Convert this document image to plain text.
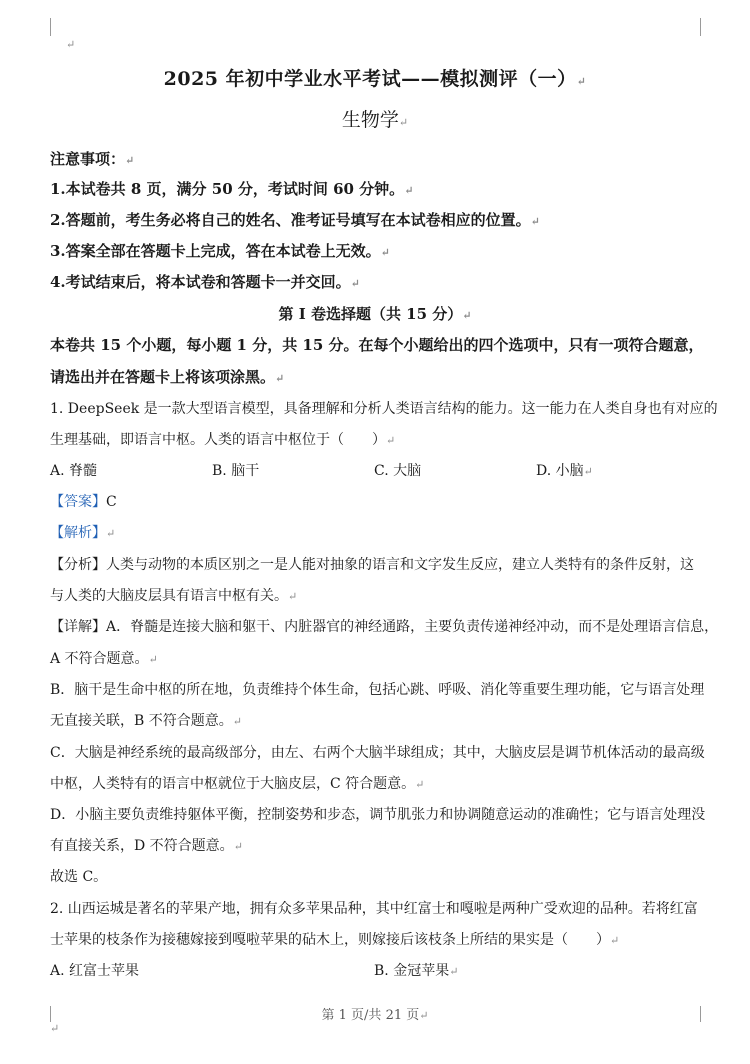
↵
2025 年初中学业水平考试——模拟测评（一）↵
生物学↵
注意事项：↵
1.本试卷共 8 页，满分 50 分，考试时间 60 分钟。↵
2.答题前，考生务必将自己的姓名、准考证号填写在本试卷相应的位置。↵
3.答案全部在答题卡上完成，答在本试卷上无效。↵
4.考试结束后，将本试卷和答题卡一并交回。↵
第 I 卷选择题（共 15 分）↵
本卷共 15 个小题，每小题 1 分，共 15 分。在每个小题给出的四个选项中，只有一项符合题意，
请选出并在答题卡上将该项涂黑。↵
1. DeepSeek 是一款大型语言模型，具备理解和分析人类语言结构的能力。这一能力在人类自身也有对应的
生理基础，即语言中枢。人类的语言中枢位于（　　）↵
A. 脊髓	B. 脑干	C. 大脑	D. 小脑↵
【答案】C
【解析】↵
【分析】人类与动物的本质区别之一是人能对抽象的语言和文字发生反应，建立人类特有的条件反射，这
与人类的大脑皮层具有语言中枢有关。↵
【详解】A．脊髓是连接大脑和躯干、内脏器官的神经通路，主要负责传递神经冲动，而不是处理语言信息，
A 不符合题意。↵
B．脑干是生命中枢的所在地，负责维持个体生命，包括心跳、呼吸、消化等重要生理功能，它与语言处理
无直接关联，B 不符合题意。↵
C．大脑是神经系统的最高级部分，由左、右两个大脑半球组成；其中，大脑皮层是调节机体活动的最高级
中枢，人类特有的语言中枢就位于大脑皮层，C 符合题意。↵
D．小脑主要负责维持躯体平衡，控制姿势和步态，调节肌张力和协调随意运动的准确性；它与语言处理没
有直接关系，D 不符合题意。↵
故选 C。
2. 山西运城是著名的苹果产地，拥有众多苹果品种，其中红富士和嘎啦是两种广受欢迎的品种。若将红富
士苹果的枝条作为接穗嫁接到嘎啦苹果的砧木上，则嫁接后该枝条上所结的果实是（　　）↵
A. 红富士苹果	B. 金冠苹果↵
第 1 页/共 21 页↵
↵
